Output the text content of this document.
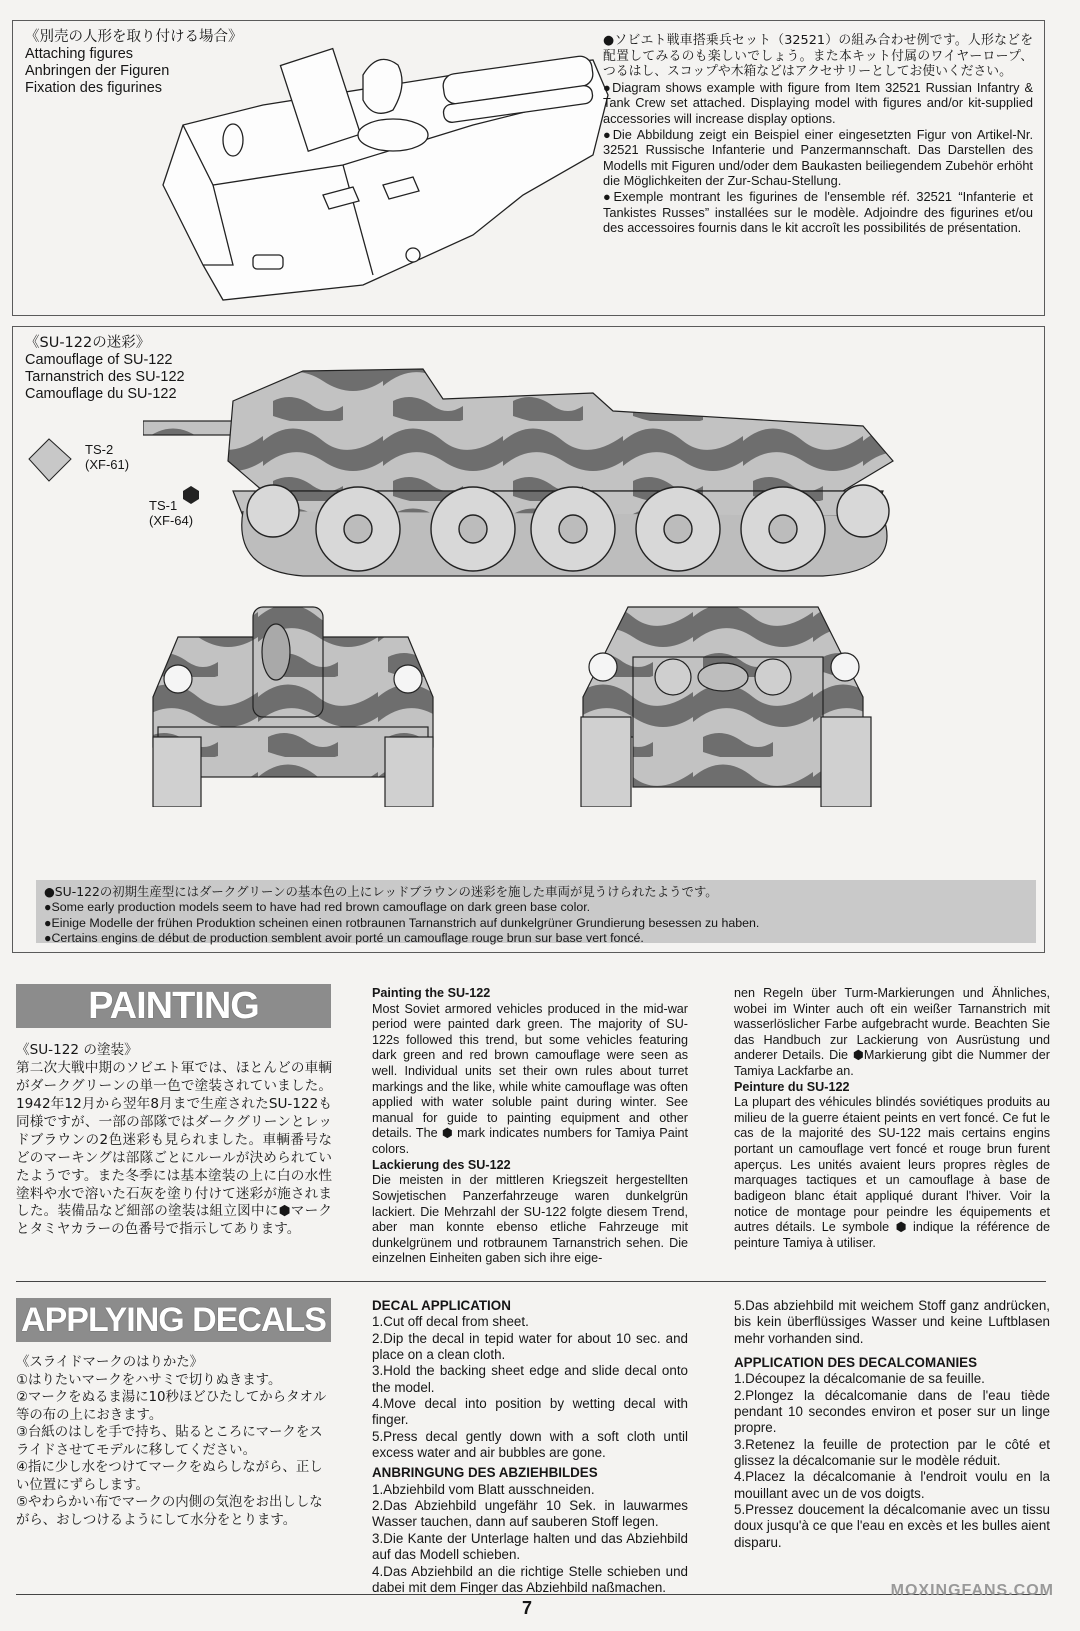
《別売の人形を取り付ける場合》

Attaching figures

Anbringen der Figuren

Fixation des figurines

●ソビエト戦車搭乗兵セット（32521）の組み合わせ例です。人形などを配置してみるのも楽しいでしょう。また本キット付属のワイヤーロープ、つるはし、スコップや木箱などはアクセサリーとしてお使いください。
●Diagram shows example with figure from Item 32521 Russian Infantry & Tank Crew set attached. Displaying model with figures and/or kit-supplied accessories will increase display options.
●Die Abbildung zeigt ein Beispiel einer eingesetzten Figur von Artikel-Nr. 32521 Russische Infanterie und Panzermannschaft. Das Darstellen des Modells mit Figuren und/oder dem Baukasten beiliegendem Zubehör erhöht die Möglichkeiten der Zur-Schau-Stellung.
●Exemple montrant les figurines de l'ensemble réf. 32521 “Infanterie et Tankistes Russes” installées sur le modèle. Adjoindre des figurines et/ou des accessoires fournis dans le kit accroît les possibilités de présentation.

《SU-122の迷彩》

Camouflage of SU-122

Tarnanstrich des SU-122

Camouflage du SU-122

TS-2
(XF-61)
TS-1
(XF-64)
●SU-122の初期生産型にはダークグリーンの基本色の上にレッドブラウンの迷彩を施した車両が見うけられたようです。
●Some early production models seem to have had red brown camouflage on dark green base color.
●Einige Modelle der frühen Produktion scheinen einen rotbraunen Tarnanstrich auf dunkelgrüner Grundierung besessen zu haben.
●Certains engins de début de production semblent avoir porté un camouflage rouge brun sur base vert foncé.
PAINTING

《SU-122 の塗装》

第二次大戦中期のソビエト軍では、ほとんどの車輌がダークグリーンの単一色で塗装されていました。1942年12月から翌年8月まで生産されたSU-122も同様ですが、一部の部隊ではダークグリーンとレッドブラウンの2色迷彩も見られました。車輌番号などのマーキングは部隊ごとにルールが決められていたようです。また冬季には基本塗装の上に白の水性塗料や水で溶いた石灰を塗り付けて迷彩が施されました。装備品など細部の塗装は組立図中に⬢マークとタミヤカラーの色番号で指示してあります。

Painting the SU-122

Most Soviet armored vehicles produced in the mid-war period were painted dark green. The majority of SU-122s followed this trend, but some vehicles featuring dark green and red brown camouflage were seen as well. Individual units set their own rules about turret markings and the like, while white camouflage was often applied with water soluble paint during winter. See manual for guide to painting equipment and other details. The ⬢ mark indicates numbers for Tamiya Paint colors.

Lackierung des SU-122

Die meisten in der mittleren Kriegszeit hergestellten Sowjetischen Panzerfahrzeuge waren dunkelgrün lackiert. Die Mehrzahl der SU-122 folgte diesem Trend, aber man konnte ebenso etliche Fahrzeuge mit dunkelgrünem und rotbraunem Tarnanstrich sehen. Die einzelnen Einheiten gaben sich ihre eige-

nen Regeln über Turm-Markierungen und Ähnliches, wobei im Winter auch oft ein weißer Tarnanstrich mit wasserlöslicher Farbe aufgebracht wurde. Beachten Sie das Handbuch zur Lackierung von Ausrüstung und anderer Details. Die ⬢Markierung gibt die Nummer der Tamiya Lackfarbe an.

Peinture du SU-122

La plupart des véhicules blindés soviétiques produits au milieu de la guerre étaient peints en vert foncé. Ce fut le cas de la majorité des SU-122 mais certains engins portant un camouflage vert foncé et rouge brun furent aperçus. Les unités avaient leurs propres règles de marquages tactiques et un camouflage à base de badigeon blanc était appliqué durant l'hiver. Voir la notice de montage pour peindre les équipements et autres détails. Le symbole ⬢ indique la référence de peinture Tamiya à utiliser.

APPLYING DECALS

《スライドマークのはりかた》

①はりたいマークをハサミで切りぬきます。

②マークをぬるま湯に10秒ほどひたしてからタオル等の布の上におきます。

③台紙のはしを手で持ち、貼るところにマークをスライドさせてモデルに移してください。

④指に少し水をつけてマークをぬらしながら、正しい位置にずらします。

⑤やわらかい布でマークの内側の気泡をお出ししながら、おしつけるようにして水分をとります。

DECAL APPLICATION

1.Cut off decal from sheet.

2.Dip the decal in tepid water for about 10 sec. and place on a clean cloth.

3.Hold the backing sheet edge and slide decal onto the model.

4.Move decal into position by wetting decal with finger.

5.Press decal gently down with a soft cloth until excess water and air bubbles are gone.

ANBRINGUNG DES ABZIEHBILDES

1.Abziehbild vom Blatt ausschneiden.

2.Das Abziehbild ungefähr 10 Sek. in lauwarmes Wasser tauchen, dann auf sauberen Stoff legen.

3.Die Kante der Unterlage halten und das Abziehbild auf das Modell schieben.

4.Das Abziehbild an die richtige Stelle schieben und dabei mit dem Finger das Abziehbild naßmachen.

5.Das abziehbild mit weichem Stoff ganz andrücken, bis kein überflüssiges Wasser und keine Luftblasen mehr vorhanden sind.

APPLICATION DES DECALCOMANIES

1.Découpez la décalcomanie de sa feuille.

2.Plongez la décalcomanie dans de l'eau tiède pendant 10 secondes environ et poser sur un linge propre.

3.Retenez la feuille de protection par le côté et glissez la décalcomanie sur le modèle réduit.

4.Placez la décalcomanie à l'endroit voulu en la mouillant avec un de vos doigts.

5.Pressez doucement la décalcomanie avec un tissu doux jusqu'à ce que l'eau en excès et les bulles aient disparu.

7
MOXINGFANS.COM
